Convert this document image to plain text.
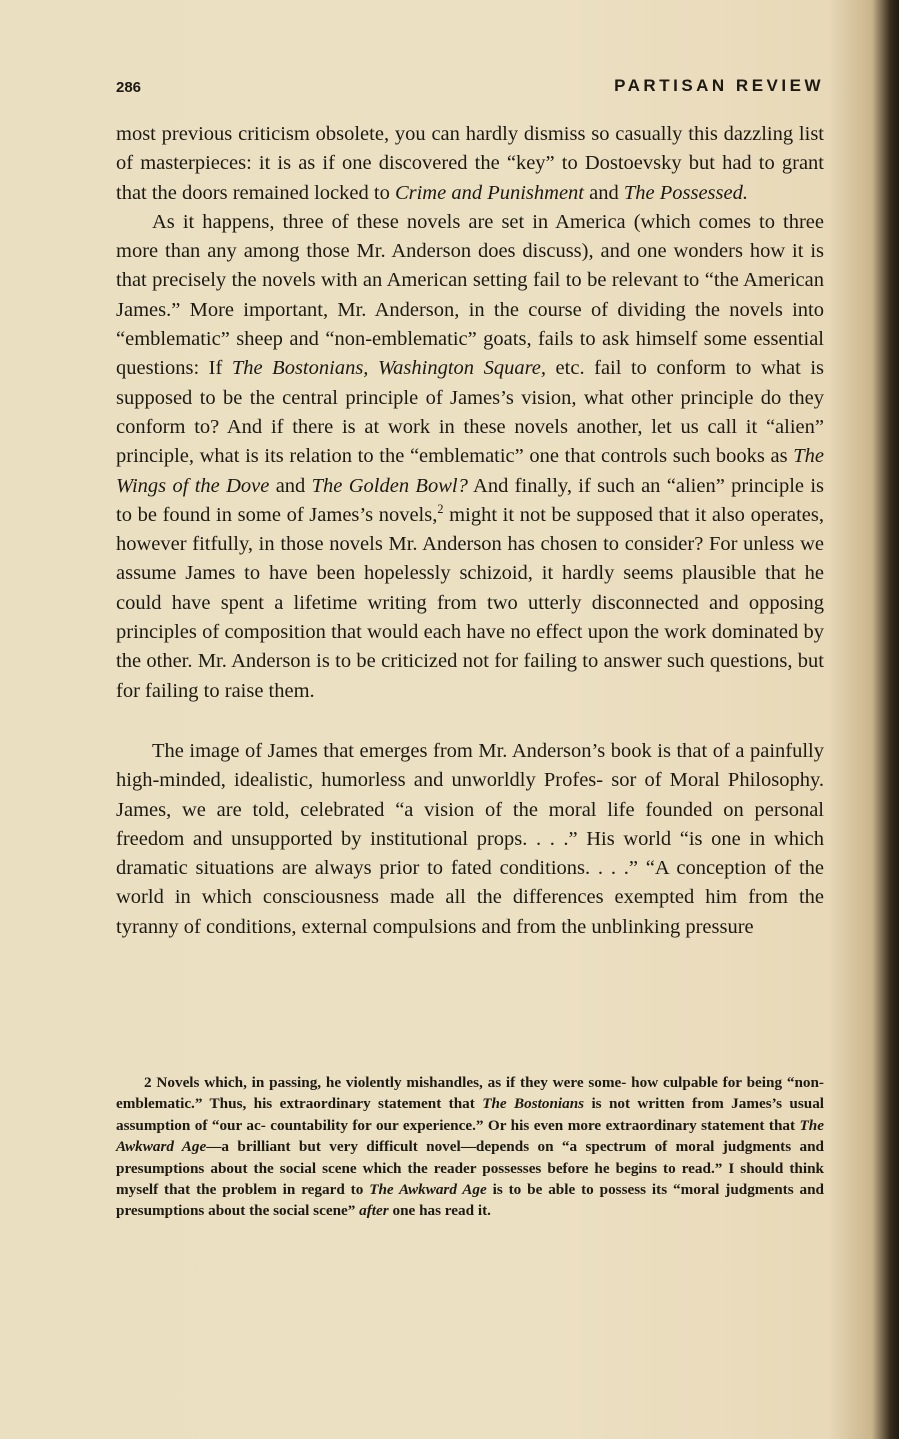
286	PARTISAN REVIEW

most previous criticism obsolete, you can hardly dismiss so casually this dazzling list of masterpieces: it is as if one discovered the “key” to Dostoevsky but had to grant that the doors remained locked to Crime and Punishment and The Possessed.

As it happens, three of these novels are set in America (which comes to three more than any among those Mr. Anderson does discuss), and one wonders how it is that precisely the novels with an American setting fail to be relevant to “the American James.” More important, Mr. Anderson, in the course of dividing the novels into “emblematic” sheep and “non-emblematic” goats, fails to ask himself some essential questions: If The Bostonians, Washington Square, etc. fail to conform to what is supposed to be the central principle of James’s vision, what other principle do they conform to? And if there is at work in these novels another, let us call it “alien” principle, what is its relation to the “emblematic” one that controls such books as The Wings of the Dove and The Golden Bowl? And finally, if such an “alien” principle is to be found in some of James’s novels,$^2$ might it not be supposed that it also operates, however fitfully, in those novels Mr. Anderson has chosen to consider? For unless we assume James to have been hopelessly schizoid, it hardly seems plausible that he could have spent a lifetime writing from two utterly disconnected and opposing principles of composition that would each have no effect upon the work dominated by the other. Mr. Anderson is to be criticized not for failing to answer such questions, but for failing to raise them.

The image of James that emerges from Mr. Anderson’s book is that of a painfully high-minded, idealistic, humorless and unworldly Profes- sor of Moral Philosophy. James, we are told, celebrated “a vision of the moral life founded on personal freedom and unsupported by institutional props. . . .” His world “is one in which dramatic situations are always prior to fated conditions. . . .” “A conception of the world in which consciousness made all the differences exempted him from the tyranny of conditions, external compulsions and from the unblinking pressure

2 Novels which, in passing, he violently mishandles, as if they were some- how culpable for being “non-emblematic.” Thus, his extraordinary statement that The Bostonians is not written from James’s usual assumption of “our ac- countability for our experience.” Or his even more extraordinary statement that The Awkward Age—a brilliant but very difficult novel—depends on “a spectrum of moral judgments and presumptions about the social scene which the reader possesses before he begins to read.” I should think myself that the problem in regard to The Awkward Age is to be able to possess its “moral judgments and presumptions about the social scene” after one has read it.
